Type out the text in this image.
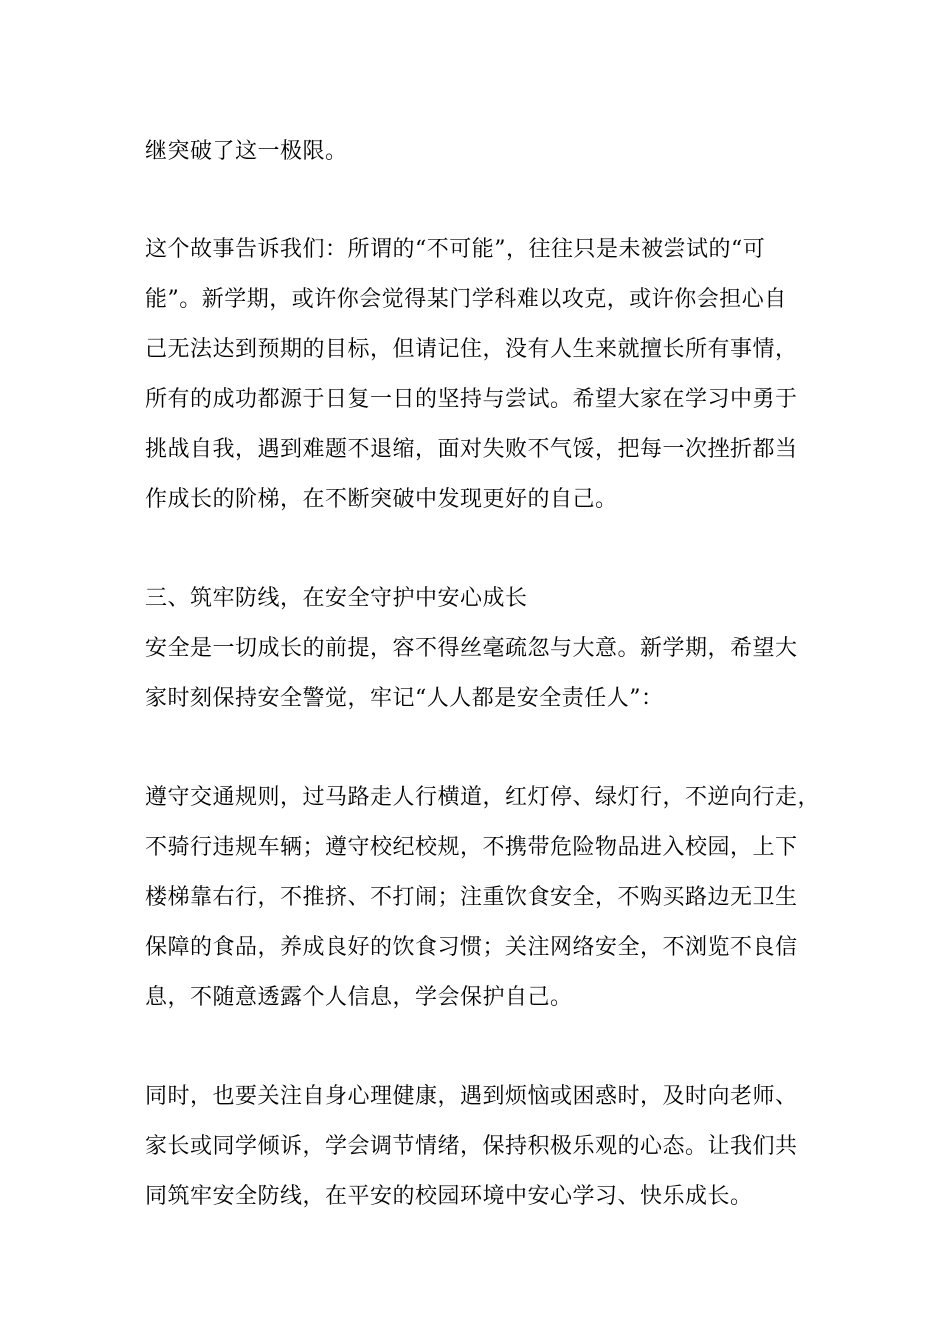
继突破了这一极限。
这个故事告诉我们：所谓的“不可能”，往往只是未被尝试的“可
能”。新学期，或许你会觉得某门学科难以攻克，或许你会担心自
己无法达到预期的目标，但请记住，没有人生来就擅长所有事情，
所有的成功都源于日复一日的坚持与尝试。希望大家在学习中勇于
挑战自我，遇到难题不退缩，面对失败不气馁，把每一次挫折都当
作成长的阶梯，在不断突破中发现更好的自己。
三、筑牢防线，在安全守护中安心成长
安全是一切成长的前提，容不得丝毫疏忽与大意。新学期，希望大
家时刻保持安全警觉，牢记“人人都是安全责任人”：
遵守交通规则，过马路走人行横道，红灯停、绿灯行，不逆向行走，
不骑行违规车辆；遵守校纪校规，不携带危险物品进入校园，上下
楼梯靠右行，不推挤、不打闹；注重饮食安全，不购买路边无卫生
保障的食品，养成良好的饮食习惯；关注网络安全，不浏览不良信
息，不随意透露个人信息，学会保护自己。
同时，也要关注自身心理健康，遇到烦恼或困惑时，及时向老师、
家长或同学倾诉，学会调节情绪，保持积极乐观的心态。让我们共
同筑牢安全防线，在平安的校园环境中安心学习、快乐成长。
